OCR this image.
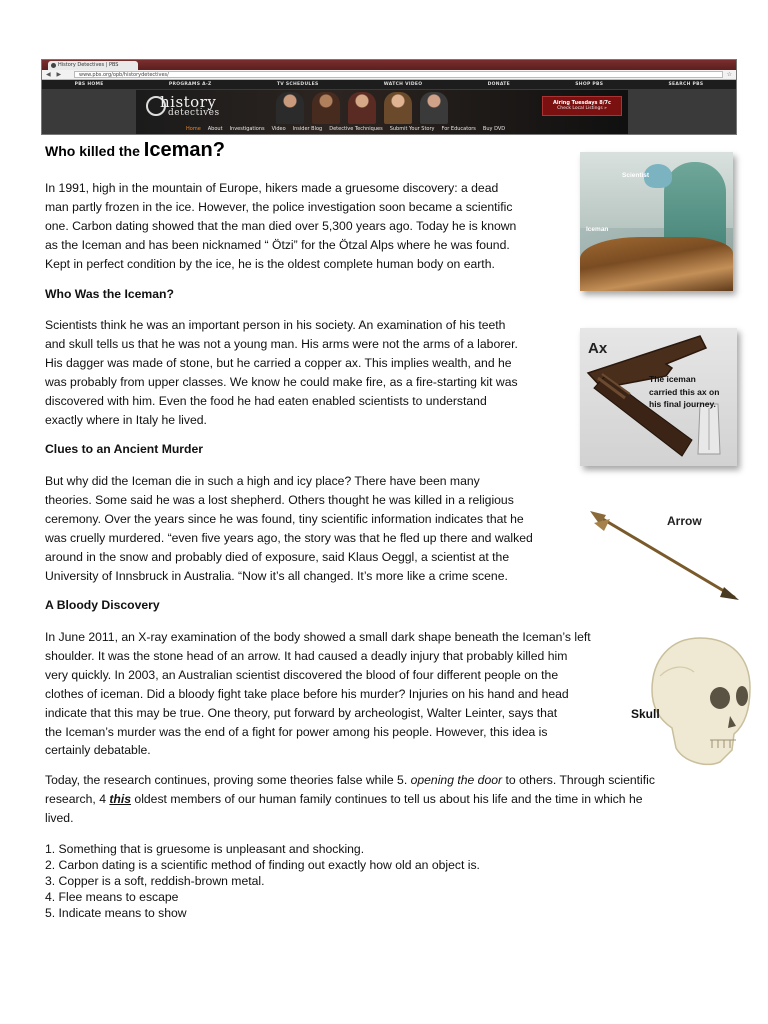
History Detectives | PBS
◀ ▶	www.pbs.org/opb/historydetectives/	☆
PBS HOME	PROGRAMS A-Z	TV SCHEDULES	WATCH VIDEO	DONATE	SHOP PBS	SEARCH PBS
history
detectives
Airing Tuesdays 8/7c
Check Local Listings »
Home About Investigations Video Insider Blog Detective Techniques Submit Your Story For Educators Buy DVD
Who killed the Iceman?
In 1991, high in the mountain of Europe, hikers made a gruesome discovery: a dead
man partly frozen in the ice. However, the police investigation soon became a scientific
one. Carbon dating showed that the man died over 5,300 years ago. Today he is known
as the Iceman and has been nicknamed “ Ötzi” for the Ötzal Alps where he was found.
Kept in perfect condition by the ice, he is the oldest complete human body on earth.
Who Was the Iceman?
Scientists think he was an important person in his society. An examination of his teeth
and skull tells us that he was not a young man. His arms were not the arms of a laborer.
His dagger was made of stone, but he carried a copper ax. This implies wealth, and he
was probably from upper classes. We know he could make fire, as a fire-starting kit was
discovered with him. Even the food he had eaten enabled scientists to understand
exactly where in Italy he lived.
Clues to an Ancient Murder
But why did the Iceman die in such a high and icy place? There have been many
theories. Some said he was a lost shepherd. Others thought he was killed in a religious
ceremony. Over the years since he was found, tiny scientific information indicates that he
was cruelly murdered. “even five years ago, the story was that he fled up there and walked
around in the snow and probably died of exposure, said Klaus Oeggl, a scientist at the
University of Innsbruck in Australia. “Now it’s all changed. It’s more like a crime scene.
A Bloody Discovery
In June 2011, an X-ray examination of the body showed a small dark shape beneath the Iceman’s left
shoulder. It was the stone head of an arrow. It had caused a deadly injury that probably killed him
very quickly. In 2003, an Australian scientist discovered the blood of four different people on the
clothes of iceman. Did a bloody fight take place before his murder? Injuries on his hand and head
indicate that this may be true. One theory, put forward by archeologist, Walter Leinter, says that
the Iceman’s murder was the end of a fight for power among his people. However, this idea is
certainly debatable.
Today, the research continues, proving some theories false while 5. opening the door to others. Through scientific
research, 4 this oldest members of our human family continues to tell us about his life and the time in which he
lived.
1. Something that is gruesome is unpleasant and shocking.
2. Carbon dating is a scientific method of finding out exactly how old an object is.
3. Copper is a soft, reddish-brown metal.
4. Flee means to escape
5. Indicate means to show
Scientist
Iceman
Ax
The iceman
carried this ax on
his final journey.
Arrow
Skull
